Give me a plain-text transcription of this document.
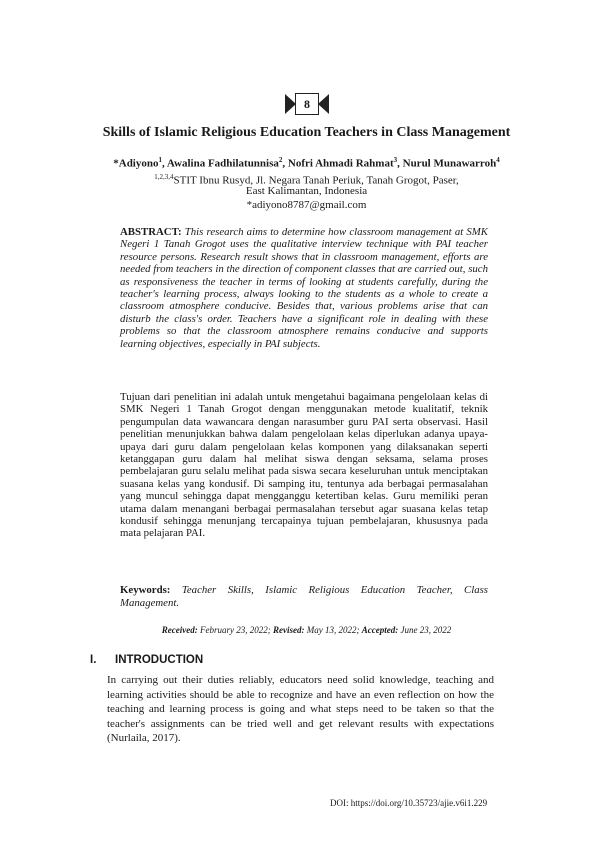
8
Skills of Islamic Religious Education Teachers in Class Management
*Adiyono$^1$, Awalina Fadhilatunnisa$^2$, Nofri Ahmadi Rahmat$^3$, Nurul Munawarroh$^4$
$^{1,2,3,4}$STIT Ibnu Rusyd, Jl. Negara Tanah Periuk, Tanah Grogot, Paser,
East Kalimantan, Indonesia
*adiyono8787@gmail.com
ABSTRACT: This research aims to determine how classroom management at SMK Negeri 1 Tanah Grogot uses the qualitative interview technique with PAI teacher resource persons. Research result shows that in classroom management, efforts are needed from teachers in the direction of component classes that are carried out, such as responsiveness the teacher in terms of looking at students carefully, during the teacher's learning process, always looking to the students as a whole to create a classroom atmosphere conducive. Besides that, various problems arise that can disturb the class's order. Teachers have a significant role in dealing with these problems so that the classroom atmosphere remains conducive and supports learning objectives, especially in PAI subjects.
Tujuan dari penelitian ini adalah untuk mengetahui bagaimana pengelolaan kelas di SMK Negeri 1 Tanah Grogot dengan menggunakan metode kualitatif, teknik pengumpulan data wawancara dengan narasumber guru PAI serta observasi. Hasil penelitian menunjukkan bahwa dalam pengelolaan kelas diperlukan adanya upaya-upaya dari guru dalam pengelolaan kelas komponen yang dilaksanakan seperti ketanggapan guru dalam hal melihat siswa dengan seksama, selama proses pembelajaran guru selalu melihat pada siswa secara keseluruhan untuk menciptakan suasana kelas yang kondusif. Di samping itu, tentunya ada berbagai permasalahan yang muncul sehingga dapat mengganggu ketertiban kelas. Guru memiliki peran utama dalam menangani berbagai permasalahan tersebut agar suasana kelas tetap kondusif sehingga menunjang tercapainya tujuan pembelajaran, khususnya pada mata pelajaran PAI.
Keywords: Teacher Skills, Islamic Religious Education Teacher, Class Management.
Received: February 23, 2022; Revised: May 13, 2022; Accepted: June 23, 2022
I. INTRODUCTION
In carrying out their duties reliably, educators need solid knowledge, teaching and learning activities should be able to recognize and have an even reflection on how the teaching and learning process is going and what steps need to be taken so that the teacher's assignments can be tried well and get relevant results with expectations (Nurlaila, 2017).
DOI: https://doi.org/10.35723/ajie.v6i1.229
